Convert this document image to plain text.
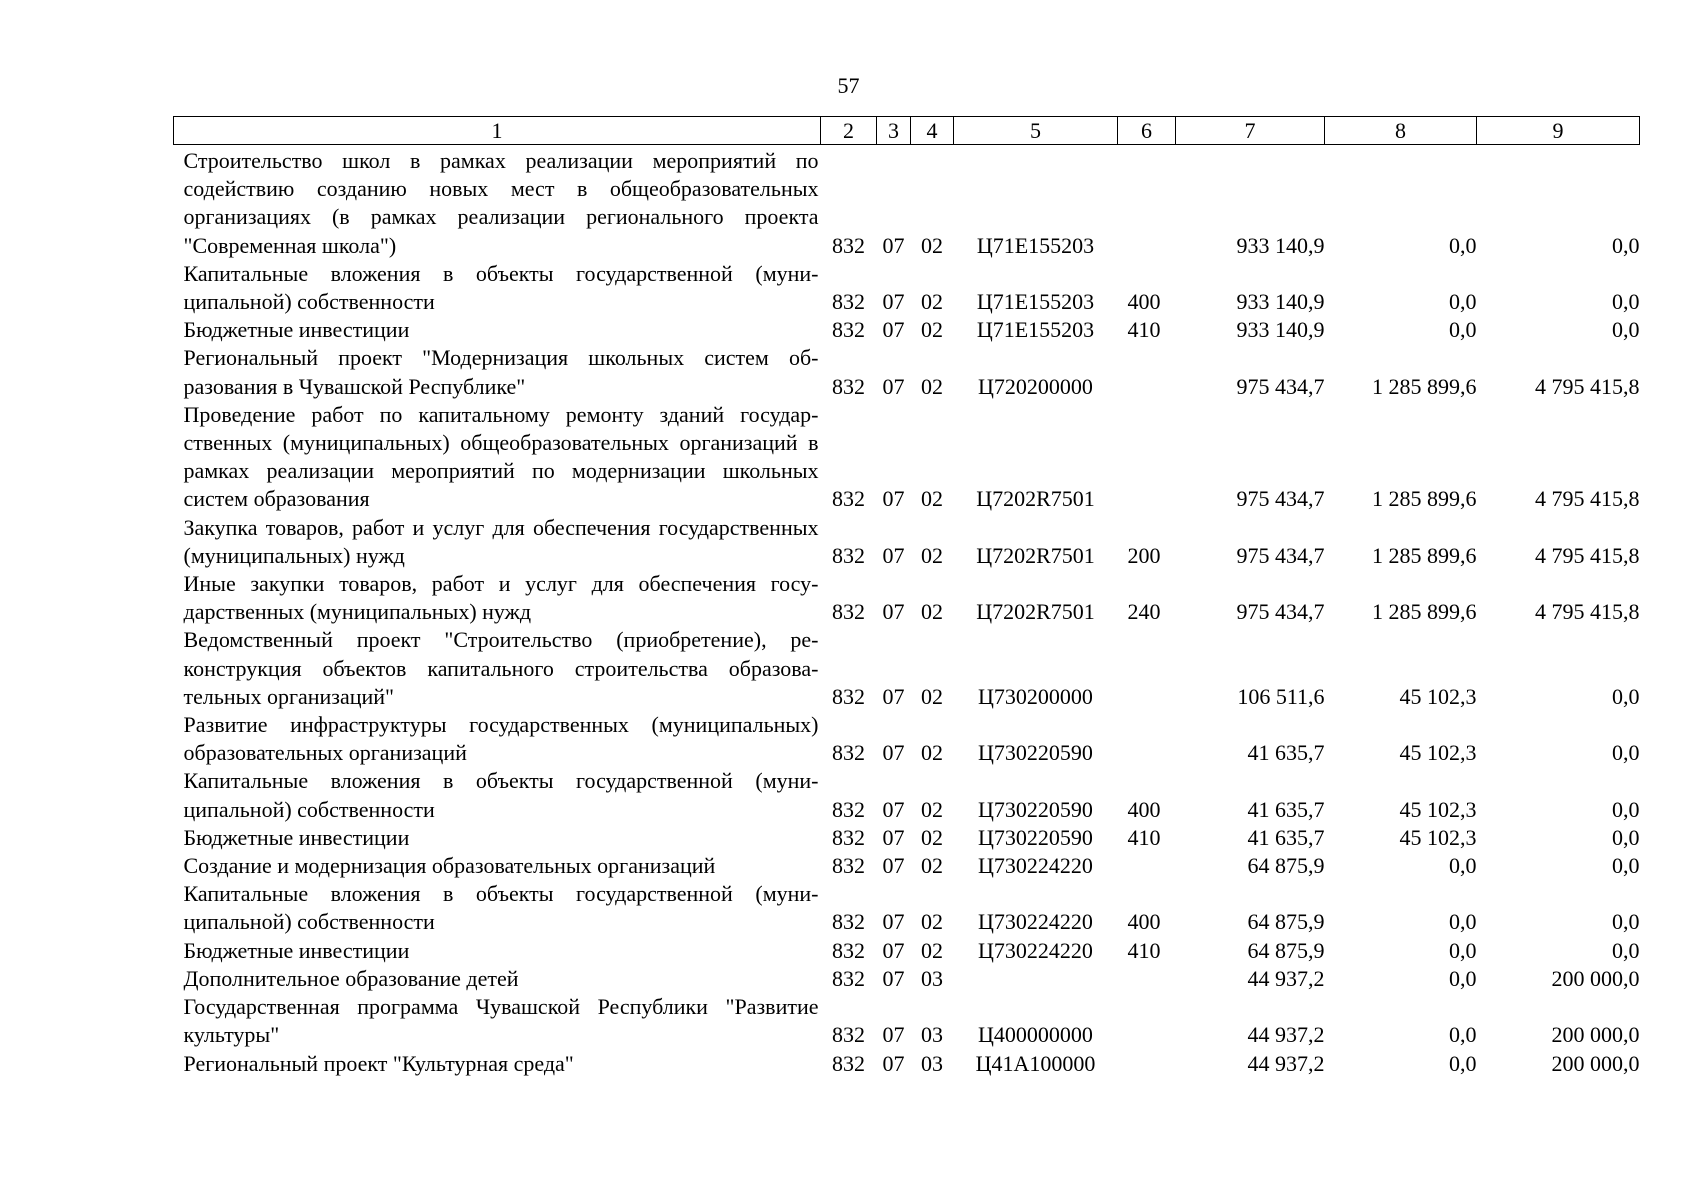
57
1	2	3	4	5	6	7	8	9
Строительство школ в рамках реализации мероприятий по содействию созданию новых мест в общеобразовательных организациях (в рамках реализации регионального проекта "Современная школа")	832	07	02	Ц71Е155203		933 140,9	0,0	0,0
Капитальные вложения в объекты государственной (муниципальной) собственности	832	07	02	Ц71Е155203	400	933 140,9	0,0	0,0
Бюджетные инвестиции	832	07	02	Ц71Е155203	410	933 140,9	0,0	0,0
Региональный проект "Модернизация школьных систем образования в Чувашской Республике"	832	07	02	Ц720200000		975 434,7	1 285 899,6	4 795 415,8
Проведение работ по капитальному ремонту зданий государственных (муниципальных) общеобразовательных организаций в рамках реализации мероприятий по модернизации школьных систем образования	832	07	02	Ц7202R7501		975 434,7	1 285 899,6	4 795 415,8
Закупка товаров, работ и услуг для обеспечения государственных (муниципальных) нужд	832	07	02	Ц7202R7501	200	975 434,7	1 285 899,6	4 795 415,8
Иные закупки товаров, работ и услуг для обеспечения государственных (муниципальных) нужд	832	07	02	Ц7202R7501	240	975 434,7	1 285 899,6	4 795 415,8
Ведомственный проект "Строительство (приобретение), реконструкция объектов капитального строительства образовательных организаций"	832	07	02	Ц730200000		106 511,6	45 102,3	0,0
Развитие инфраструктуры государственных (муниципальных) образовательных организаций	832	07	02	Ц730220590		41 635,7	45 102,3	0,0
Капитальные вложения в объекты государственной (муниципальной) собственности	832	07	02	Ц730220590	400	41 635,7	45 102,3	0,0
Бюджетные инвестиции	832	07	02	Ц730220590	410	41 635,7	45 102,3	0,0
Создание и модернизация образовательных организаций	832	07	02	Ц730224220		64 875,9	0,0	0,0
Капитальные вложения в объекты государственной (муниципальной) собственности	832	07	02	Ц730224220	400	64 875,9	0,0	0,0
Бюджетные инвестиции	832	07	02	Ц730224220	410	64 875,9	0,0	0,0
Дополнительное образование детей	832	07	03			44 937,2	0,0	200 000,0
Государственная программа Чувашской Республики "Развитие культуры"	832	07	03	Ц400000000		44 937,2	0,0	200 000,0
Региональный проект "Культурная среда"	832	07	03	Ц41А100000		44 937,2	0,0	200 000,0
